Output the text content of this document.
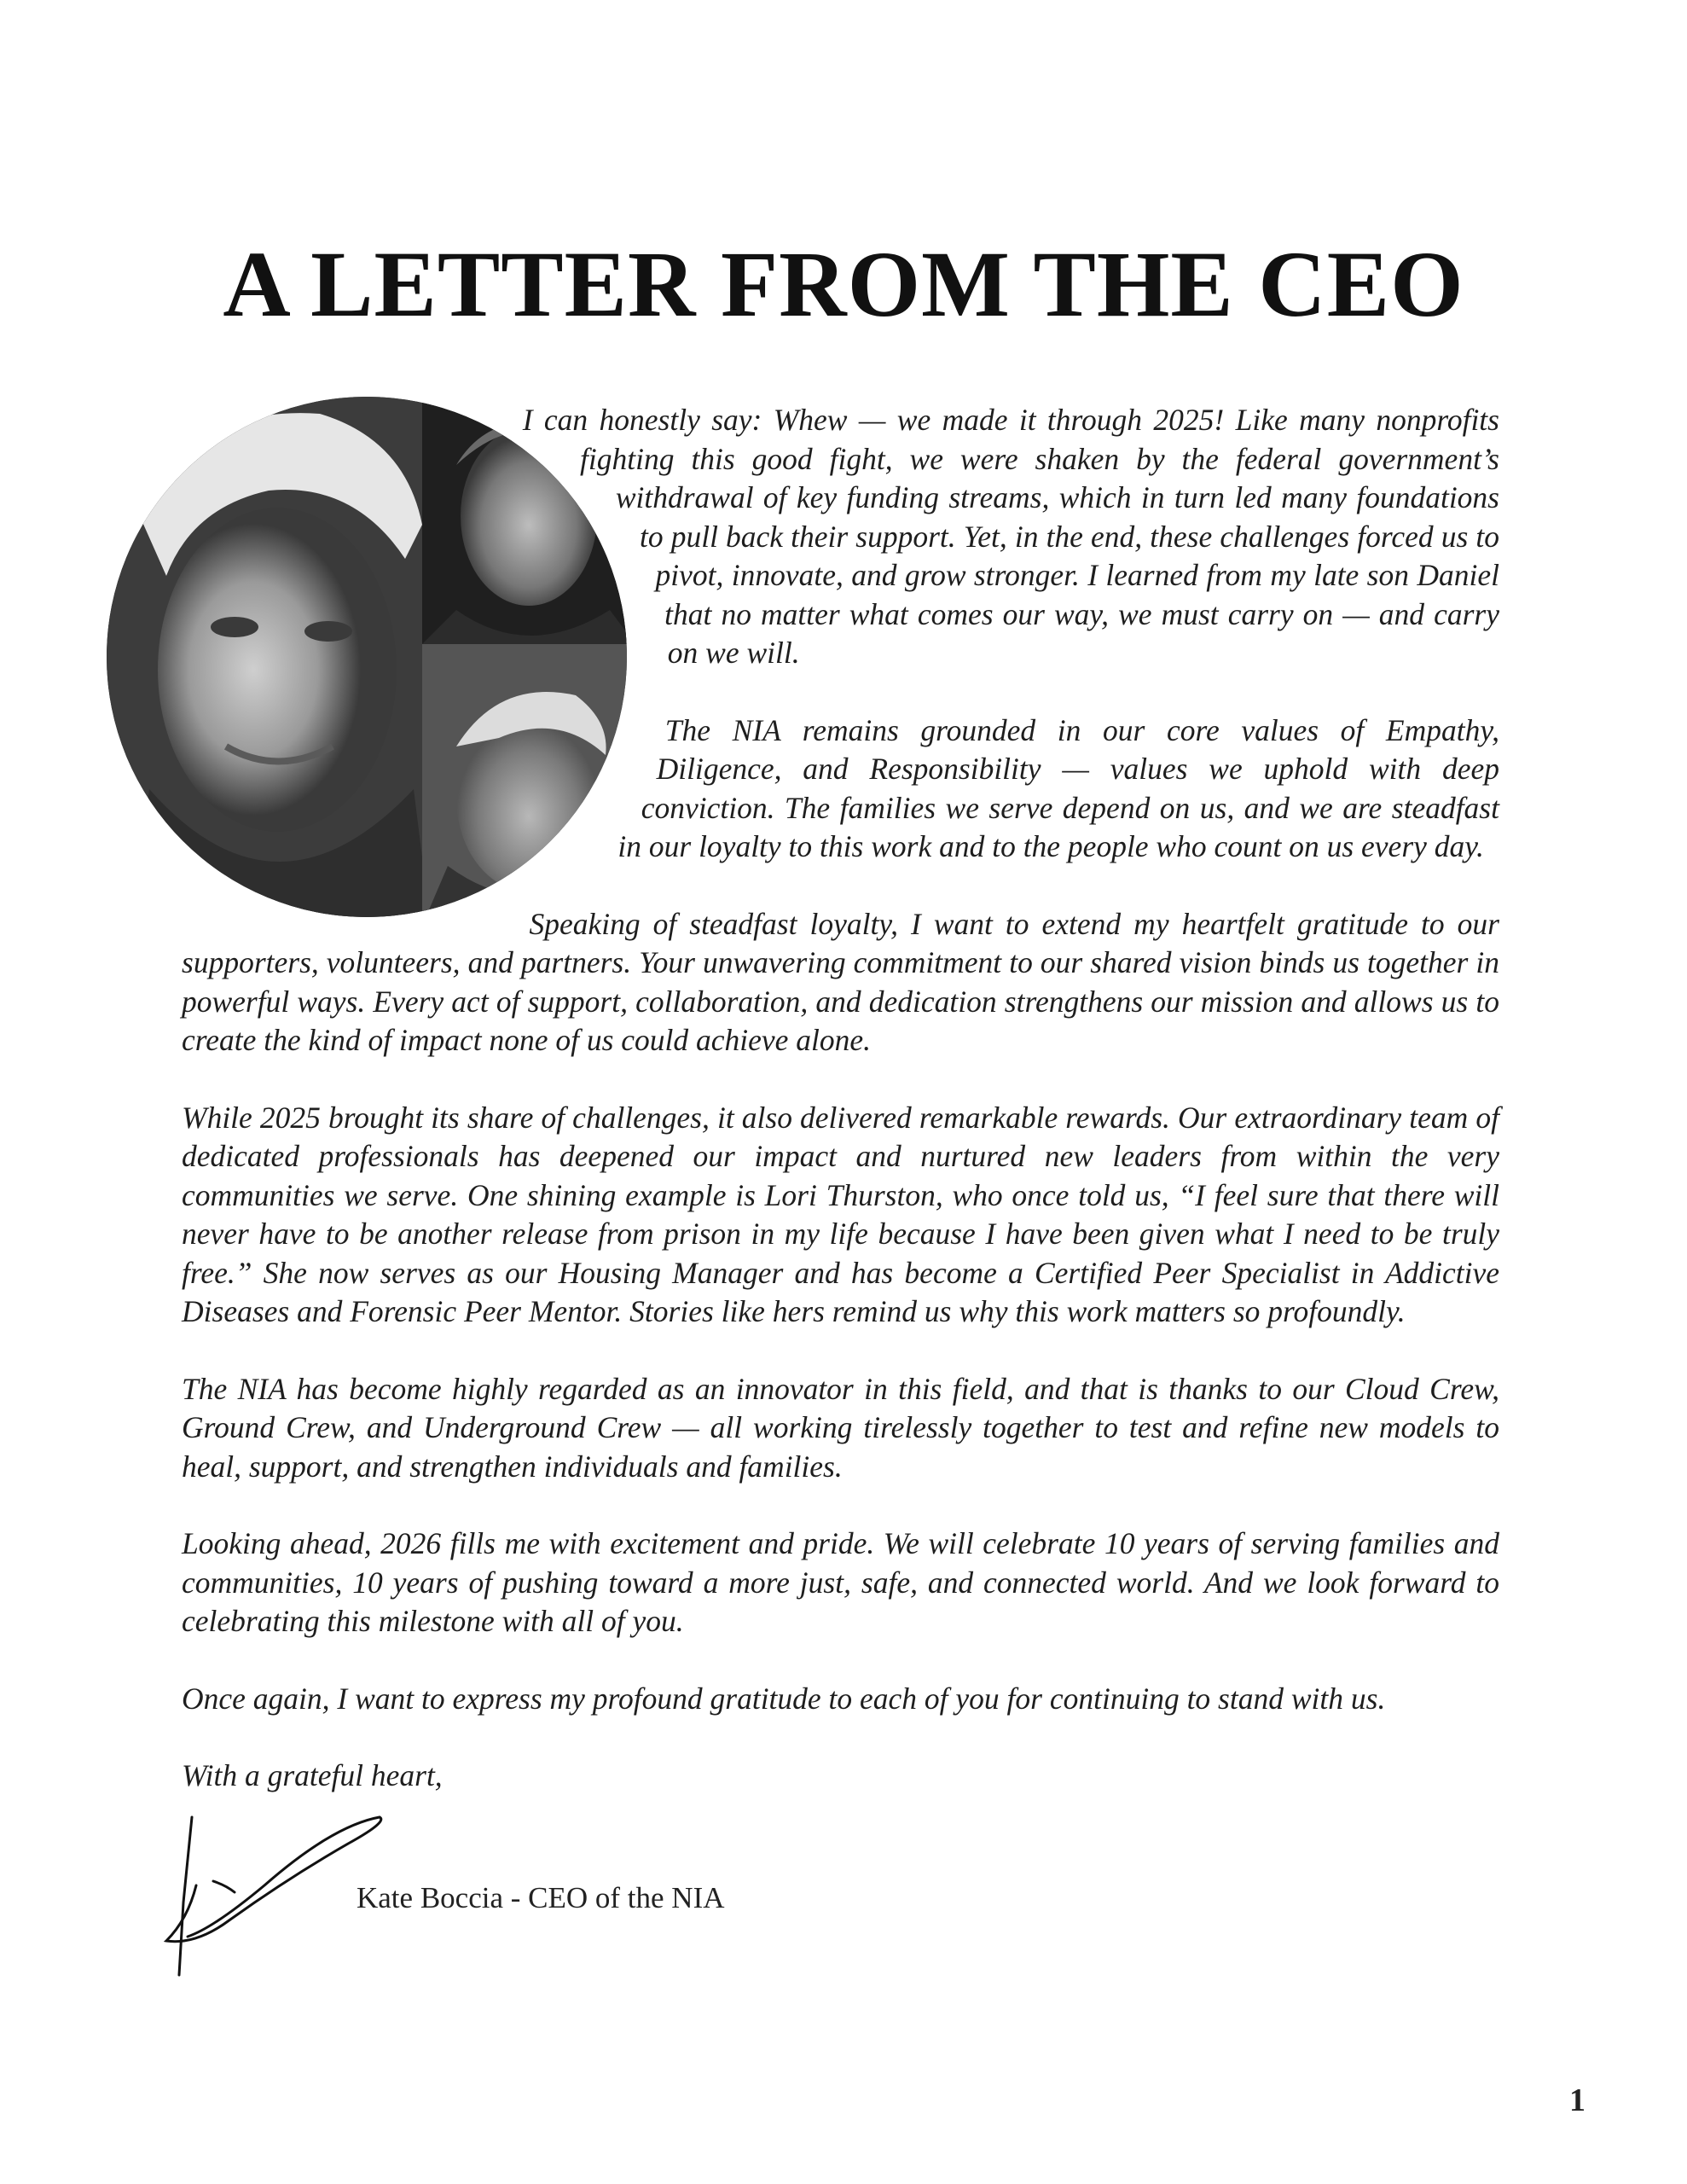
A LETTER FROM THE CEO

I can honestly say: Whew — we made it through 2025! Like many nonprofits fighting this good fight, we were shaken by the federal government’s withdrawal of key funding streams, which in turn led many foundations to pull back their support. Yet, in the end, these challenges forced us to pivot, innovate, and grow stronger. I learned from my late son Daniel that no matter what comes our way, we must carry on — and carry on we will.

The NIA remains grounded in our core values of Empathy, Diligence, and Responsibility — values we uphold with deep conviction. The families we serve depend on us, and we are steadfast in our loyalty to this work and to the people who count on us every day.

Speaking of steadfast loyalty, I want to extend my heartfelt gratitude to our supporters, volunteers, and partners. Your unwavering commitment to our shared vision binds us together in powerful ways. Every act of support, collaboration, and dedication strengthens our mission and allows us to create the kind of impact none of us could achieve alone.

While 2025 brought its share of challenges, it also delivered remarkable rewards. Our extraordinary team of dedicated professionals has deepened our impact and nurtured new leaders from within the very communities we serve. One shining example is Lori Thurston, who once told us, “I feel sure that there will never have to be another release from prison in my life because I have been given what I need to be truly free.” She now serves as our Housing Manager and has become a Certified Peer Specialist in Addictive Diseases and Forensic Peer Mentor. Stories like hers remind us why this work matters so profoundly.

The NIA has become highly regarded as an innovator in this field, and that is thanks to our Cloud Crew, Ground Crew, and Underground Crew — all working tirelessly together to test and refine new models to heal, support, and strengthen individuals and families.

Looking ahead, 2026 fills me with excitement and pride. We will celebrate 10 years of serving families and communities, 10 years of pushing toward a more just, safe, and connected world. And we look forward to celebrating this milestone with all of you.

Once again, I want to express my profound gratitude to each of you for continuing to stand with us.

With a grateful heart,

Kate Boccia - CEO of the NIA
1
